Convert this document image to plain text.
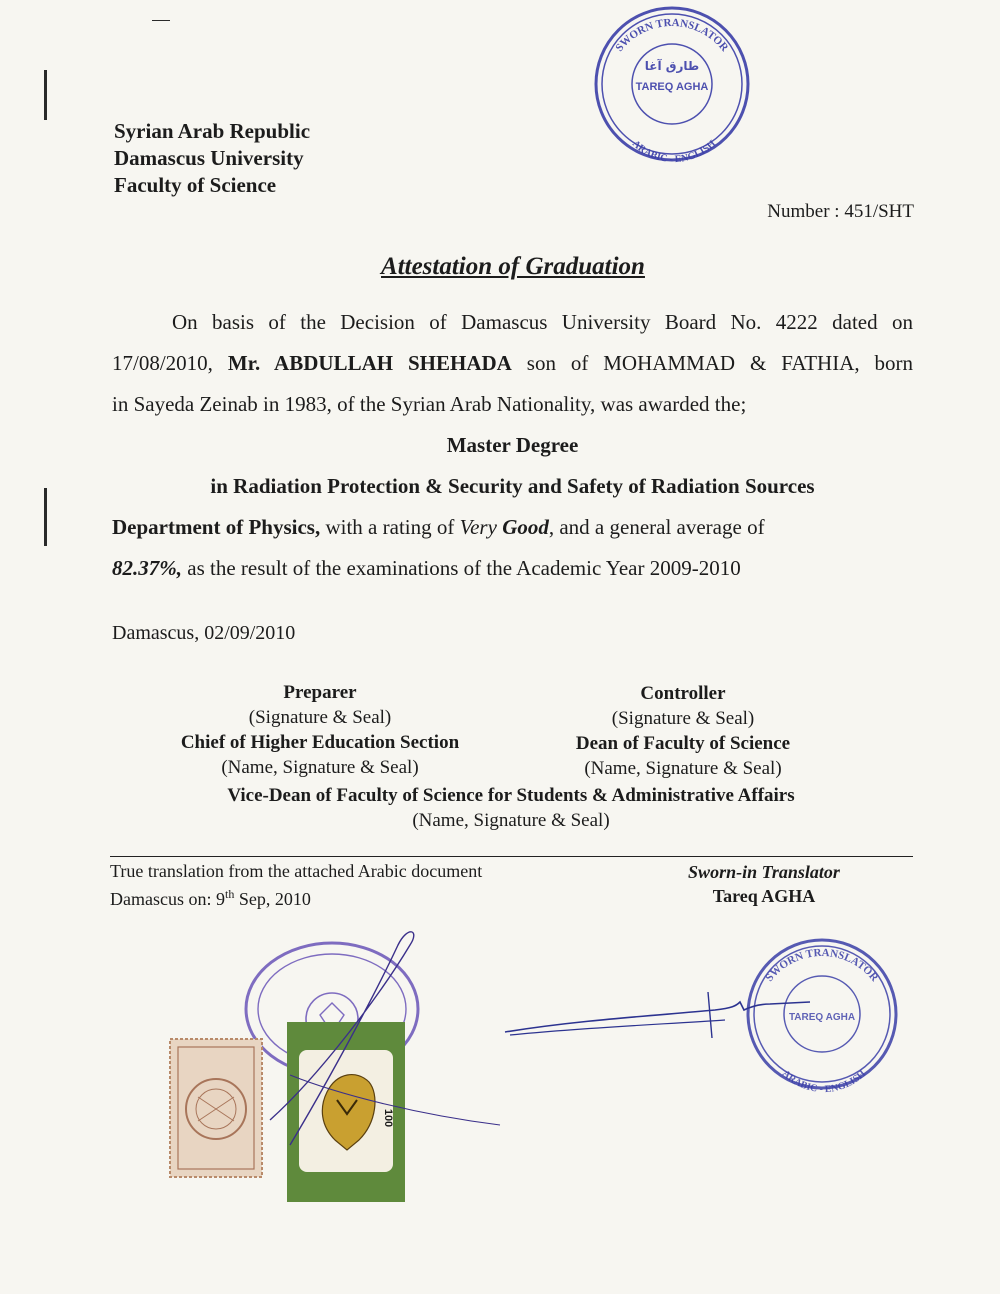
Syrian Arab Republic
Damascus University
Faculty of Science
Number : 451/SHT
Attestation of Graduation

On basis of the Decision of Damascus University Board No. 4222 dated on

17/08/2010, Mr. ABDULLAH SHEHADA son of MOHAMMAD & FATHIA, born

in Sayeda Zeinab in 1983, of the Syrian Arab Nationality, was awarded the;

Master Degree

in Radiation Protection & Security and Safety of Radiation Sources

Department of Physics, with a rating of Very Good, and a general average of

82.37%, as the result of the examinations of the Academic Year 2009-2010

Damascus, 02/09/2010
Preparer
(Signature & Seal)
Chief of Higher Education Section
(Name, Signature & Seal)
Controller
(Signature & Seal)
Dean of Faculty of Science
(Name, Signature & Seal)
Vice-Dean of Faculty of Science for Students & Administrative Affairs
(Name, Signature & Seal)
True translation from the attached Arabic document
Damascus on: 9th Sep, 2010
Sworn-in Translator
Tareq AGHA
SWORN TRANSLATOR
ARABIC - ENGLISH
TAREQ AGHA
طارق آغا
SWORN TRANSLATOR
ARABIC - ENGLISH
TAREQ AGHA
100
